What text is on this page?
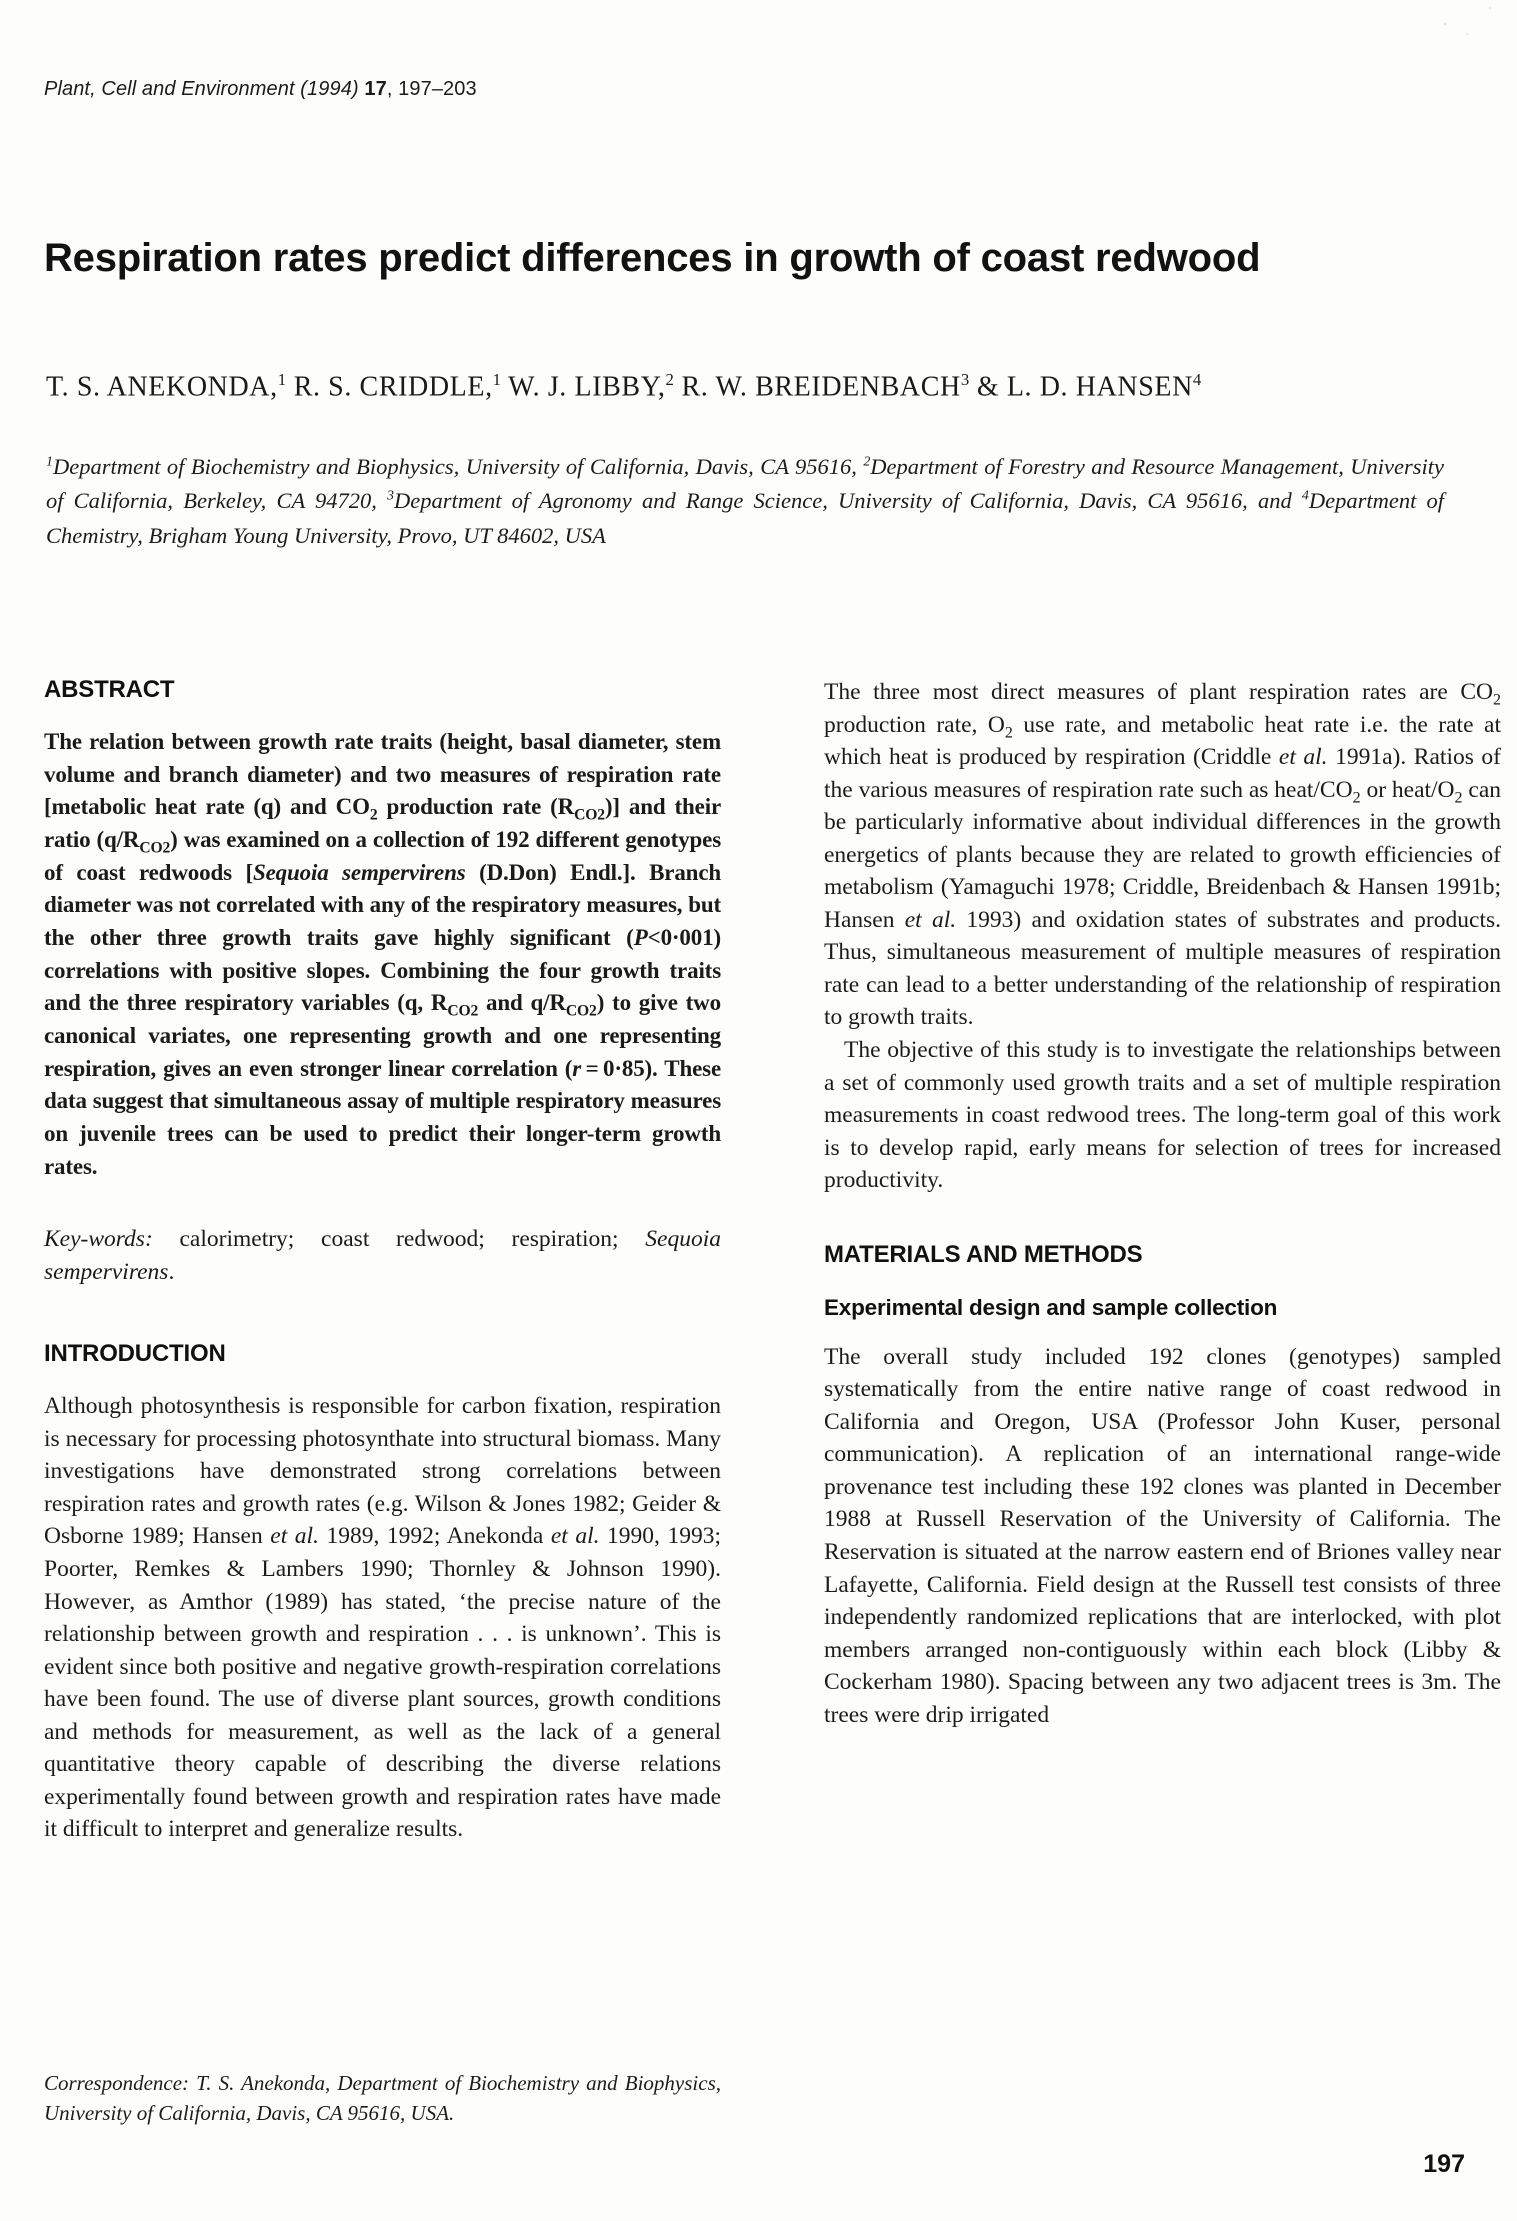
Plant, Cell and Environment (1994) 17, 197–203
Respiration rates predict differences in growth of coast redwood
T. S. ANEKONDA,$^1$ R. S. CRIDDLE,$^1$ W. J. LIBBY,$^2$ R. W. BREIDENBACH$^3$ & L. D. HANSEN$^4$
$^1$Department of Biochemistry and Biophysics, University of California, Davis, CA 95616, $^2$Department of Forestry and Resource Management, University of California, Berkeley, CA 94720, $^3$Department of Agronomy and Range Science, University of California, Davis, CA 95616, and $^4$Department of Chemistry, Brigham Young University, Provo, UT 84602, USA
ABSTRACT

The relation between growth rate traits (height, basal diameter, stem volume and branch diameter) and two measures of respiration rate [metabolic heat rate (q) and $CO_2$ production rate $(R_{CO2})$] and their ratio $(q/R_{CO2})$ was examined on a collection of 192 different genotypes of coast redwoods [Sequoia sempervirens (D.Don) Endl.]. Branch diameter was not correlated with any of the respiratory measures, but the other three growth traits gave highly significant (P<0·001) correlations with positive slopes. Combining the four growth traits and the three respiratory variables (q, $R_{CO2}$ and $q/R_{CO2}$) to give two canonical variates, one representing growth and one representing respiration, gives an even stronger linear correlation (r = 0·85). These data suggest that simultaneous assay of multiple respiratory measures on juvenile trees can be used to predict their longer-term growth rates.

Key-words: calorimetry; coast redwood; respiration; Sequoia sempervirens.
INTRODUCTION

Although photosynthesis is responsible for carbon fixation, respiration is necessary for processing photosynthate into structural biomass. Many investigations have demonstrated strong correlations between respiration rates and growth rates (e.g. Wilson & Jones 1982; Geider & Osborne 1989; Hansen et al. 1989, 1992; Anekonda et al. 1990, 1993; Poorter, Remkes & Lambers 1990; Thornley & Johnson 1990). However, as Amthor (1989) has stated, ‘the precise nature of the relationship between growth and respiration . . . is unknown’. This is evident since both positive and negative growth-respiration correlations have been found. The use of diverse plant sources, growth conditions and methods for measurement, as well as the lack of a general quantitative theory capable of describing the diverse relations experimentally found between growth and respiration rates have made it difficult to interpret and generalize results.

The three most direct measures of plant respiration rates are $CO_2$ production rate, $O_2$ use rate, and metabolic heat rate i.e. the rate at which heat is produced by respiration (Criddle et al. 1991a). Ratios of the various measures of respiration rate such as heat/$CO_2$ or heat/$O_2$ can be particularly informative about individual differences in the growth energetics of plants because they are related to growth efficiencies of metabolism (Yamaguchi 1978; Criddle, Breidenbach & Hansen 1991b; Hansen et al. 1993) and oxidation states of substrates and products. Thus, simultaneous measurement of multiple measures of respiration rate can lead to a better understanding of the relationship of respiration to growth traits.

The objective of this study is to investigate the relationships between a set of commonly used growth traits and a set of multiple respiration measurements in coast redwood trees. The long-term goal of this work is to develop rapid, early means for selection of trees for increased productivity.

MATERIALS AND METHODS
Experimental design and sample collection

The overall study included 192 clones (genotypes) sampled systematically from the entire native range of coast redwood in California and Oregon, USA (Professor John Kuser, personal communication). A replication of an international range-wide provenance test including these 192 clones was planted in December 1988 at Russell Reservation of the University of California. The Reservation is situated at the narrow eastern end of Briones valley near Lafayette, California. Field design at the Russell test consists of three independently randomized replications that are interlocked, with plot members arranged non-contiguously within each block (Libby & Cockerham 1980). Spacing between any two adjacent trees is 3m. The trees were drip irrigated

Correspondence: T. S. Anekonda, Department of Biochemistry and Biophysics, University of California, Davis, CA 95616, USA.
197
